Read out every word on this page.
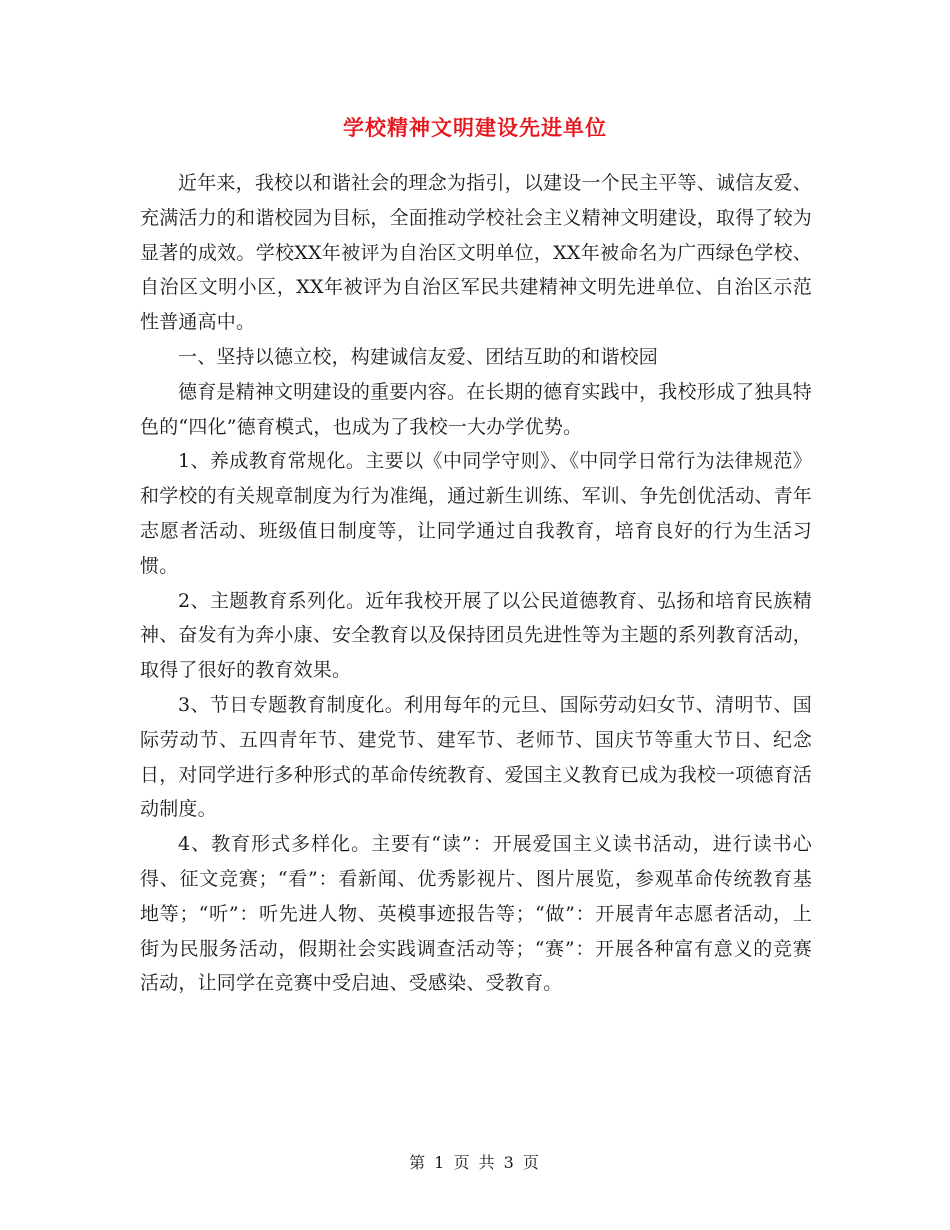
学校精神文明建设先进单位

近年来，我校以和谐社会的理念为指引，以建设一个民主平等、诚信友爱、充满活力的和谐校园为目标，全面推动学校社会主义精神文明建设，取得了较为显著的成效。学校XX年被评为自治区文明单位，XX年被命名为广西绿色学校、自治区文明小区，XX年被评为自治区军民共建精神文明先进单位、自治区示范性普通高中。

一、坚持以德立校，构建诚信友爱、团结互助的和谐校园

德育是精神文明建设的重要内容。在长期的德育实践中，我校形成了独具特色的“四化”德育模式，也成为了我校一大办学优势。

1、养成教育常规化。主要以《中同学守则》、《中同学日常行为法律规范》和学校的有关规章制度为行为准绳，通过新生训练、军训、争先创优活动、青年志愿者活动、班级值日制度等，让同学通过自我教育，培育良好的行为生活习惯。

2、主题教育系列化。近年我校开展了以公民道德教育、弘扬和培育民族精神、奋发有为奔小康、安全教育以及保持团员先进性等为主题的系列教育活动，取得了很好的教育效果。

3、节日专题教育制度化。利用每年的元旦、国际劳动妇女节、清明节、国际劳动节、五四青年节、建党节、建军节、老师节、国庆节等重大节日、纪念日，对同学进行多种形式的革命传统教育、爱国主义教育已成为我校一项德育活动制度。

4、教育形式多样化。主要有“读”：开展爱国主义读书活动，进行读书心得、征文竞赛；“看”：看新闻、优秀影视片、图片展览，参观革命传统教育基地等；“听”：听先进人物、英模事迹报告等；“做”：开展青年志愿者活动，上街为民服务活动，假期社会实践调查活动等；“赛”：开展各种富有意义的竞赛活动，让同学在竞赛中受启迪、受感染、受教育。

第 1 页 共 3 页
